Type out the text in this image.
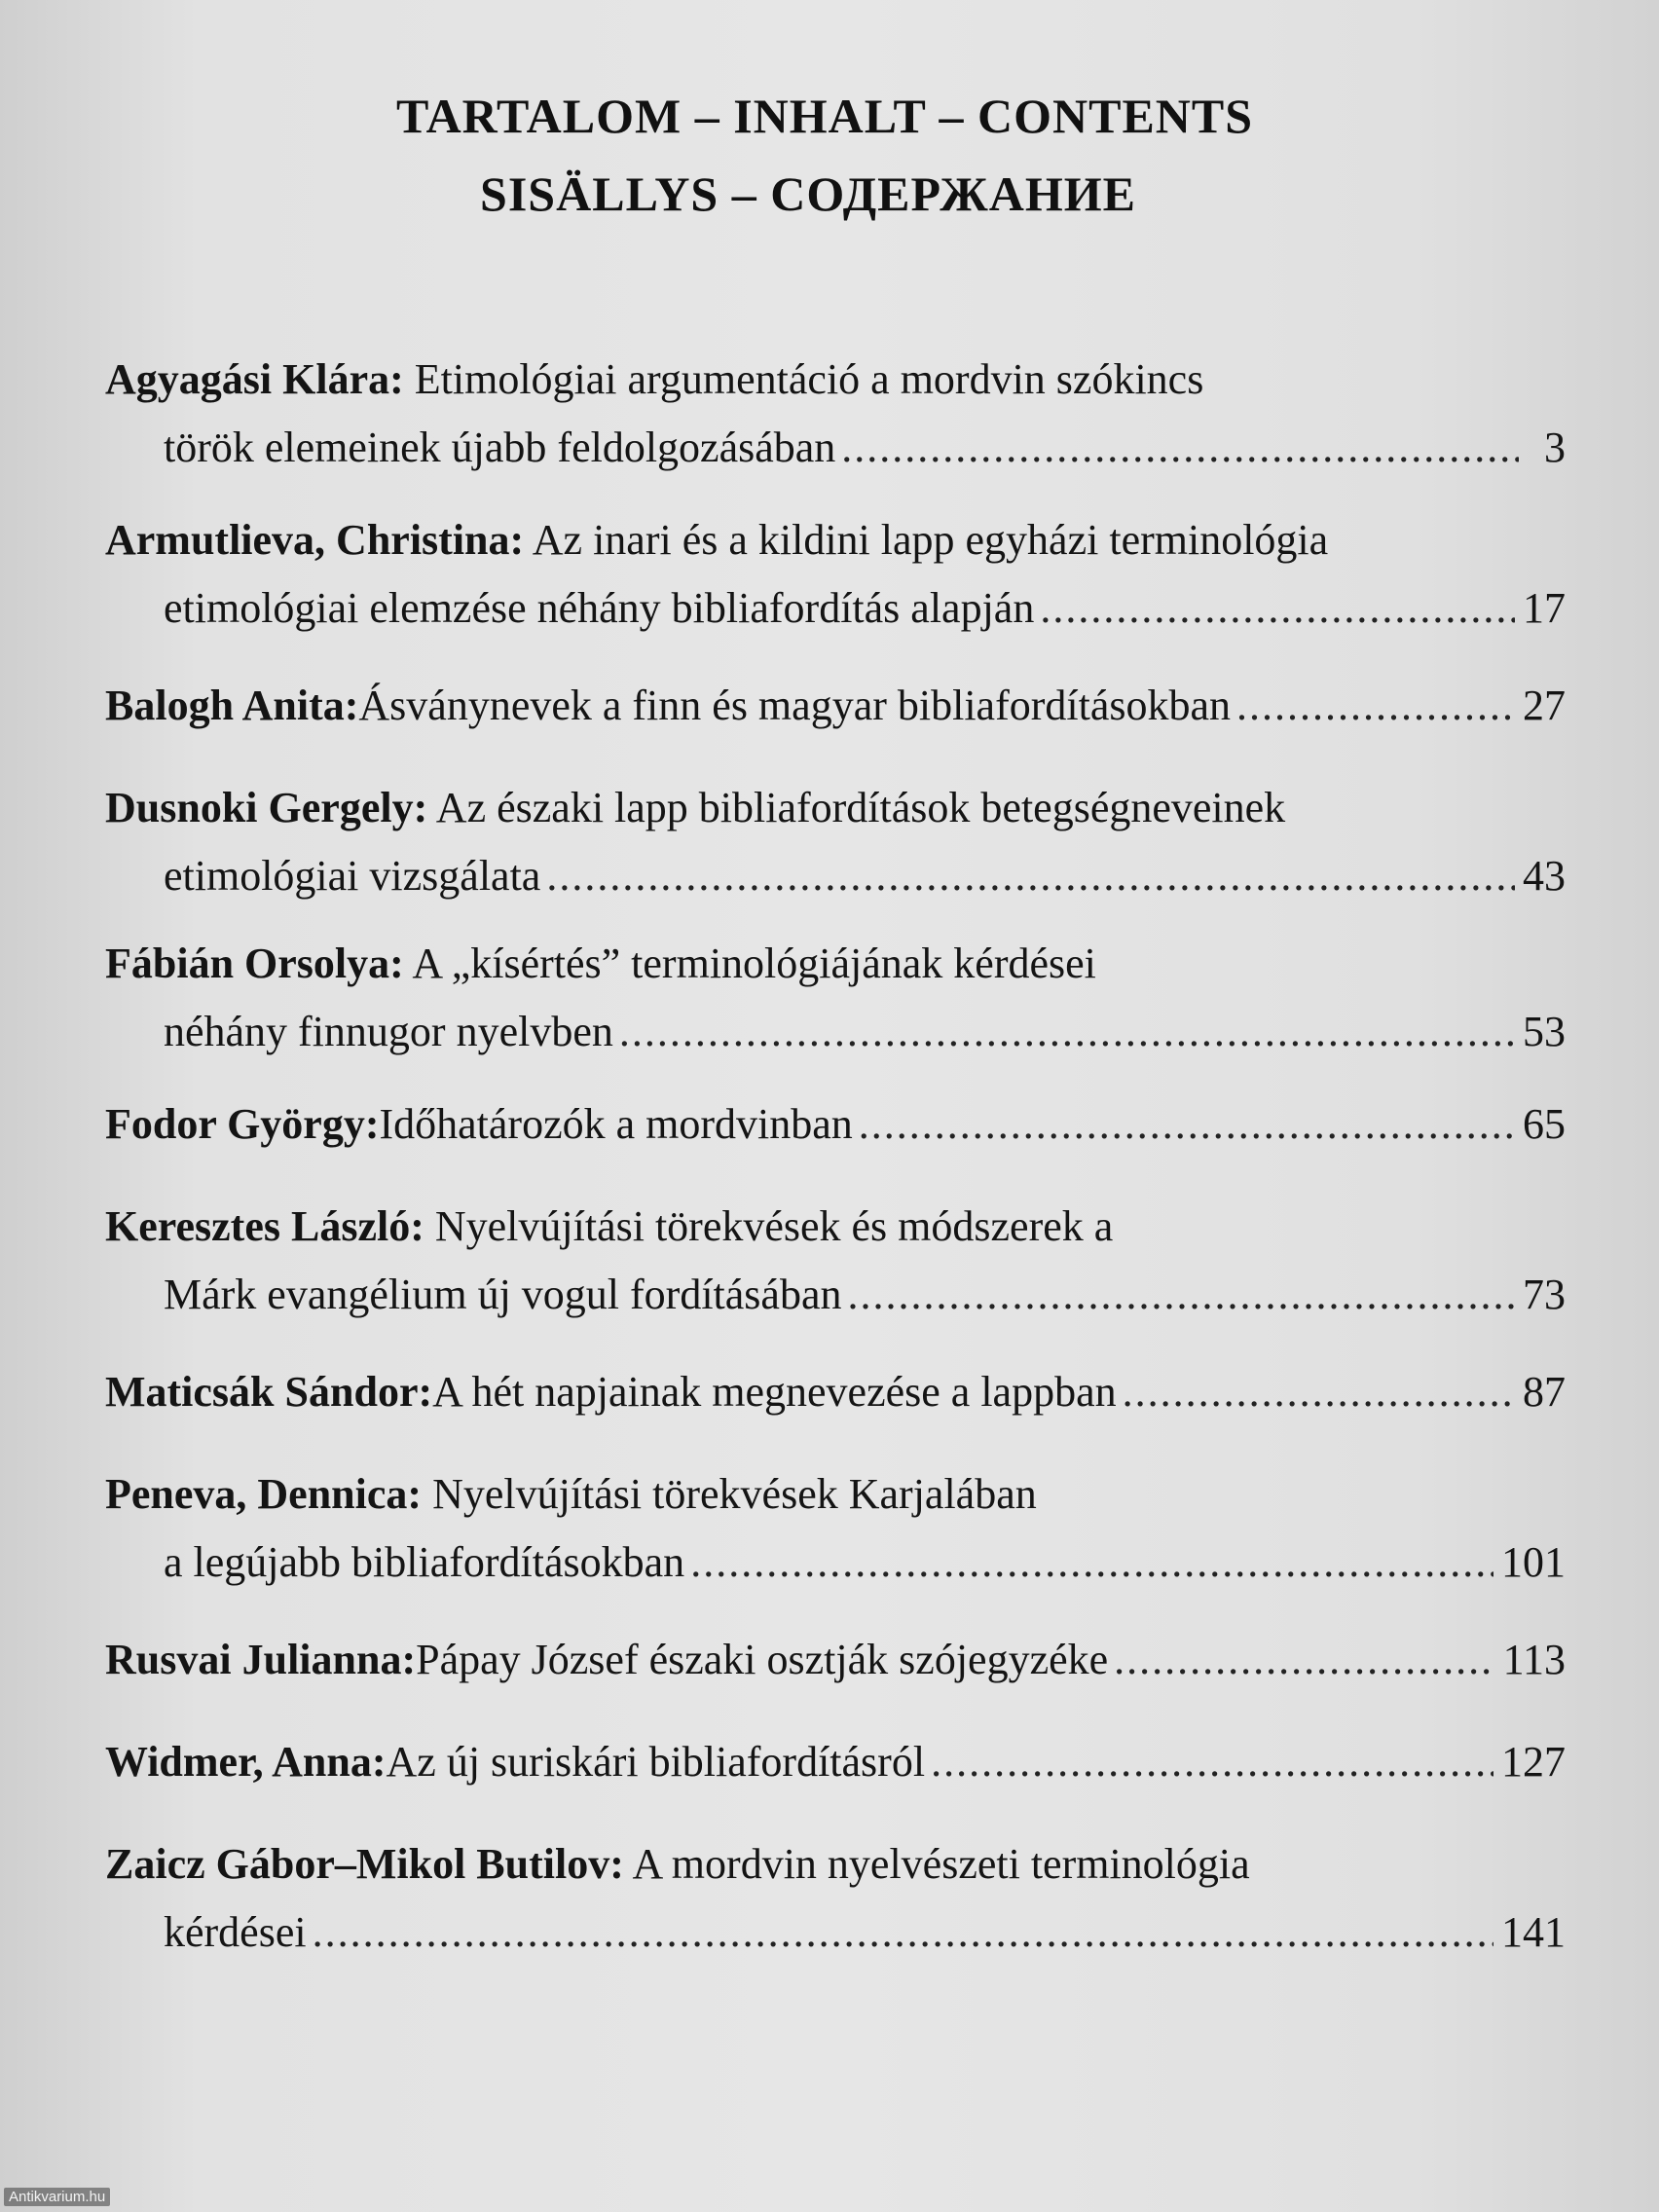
TARTALOM – INHALT – CONTENTS
SISÄLLYS – СОДЕРЖАНИЕ
Agyagási Klára: Etimológiai argumentáció a mordvin szókincs
török elemeinek újabb feldolgozásában .....	3
Armutlieva, Christina: Az inari és a kildini lapp egyházi terminológia
etimológiai elemzése néhány bibliafordítás alapján .....	17
Balogh Anita: Ásványnevek a finn és magyar bibliafordításokban .....	27
Dusnoki Gergely: Az északi lapp bibliafordítások betegségneveinek
etimológiai vizsgálata .....	43
Fábián Orsolya: A „kísértés” terminológiájának kérdései
néhány finnugor nyelvben .....	53
Fodor György: Időhatározók a mordvinban .....	65
Keresztes László: Nyelvújítási törekvések és módszerek a
Márk evangélium új vogul fordításában .....	73
Maticsák Sándor: A hét napjainak megnevezése a lappban .....	87
Peneva, Dennica: Nyelvújítási törekvések Karjalában
a legújabb bibliafordításokban .....	101
Rusvai Julianna: Pápay József északi osztják szójegyzéke .....	113
Widmer, Anna: Az új suriskári bibliafordításról .....	127
Zaicz Gábor–Mikol Butilov: A mordvin nyelvészeti terminológia
kérdései .....	141
Antikvarium.hu
